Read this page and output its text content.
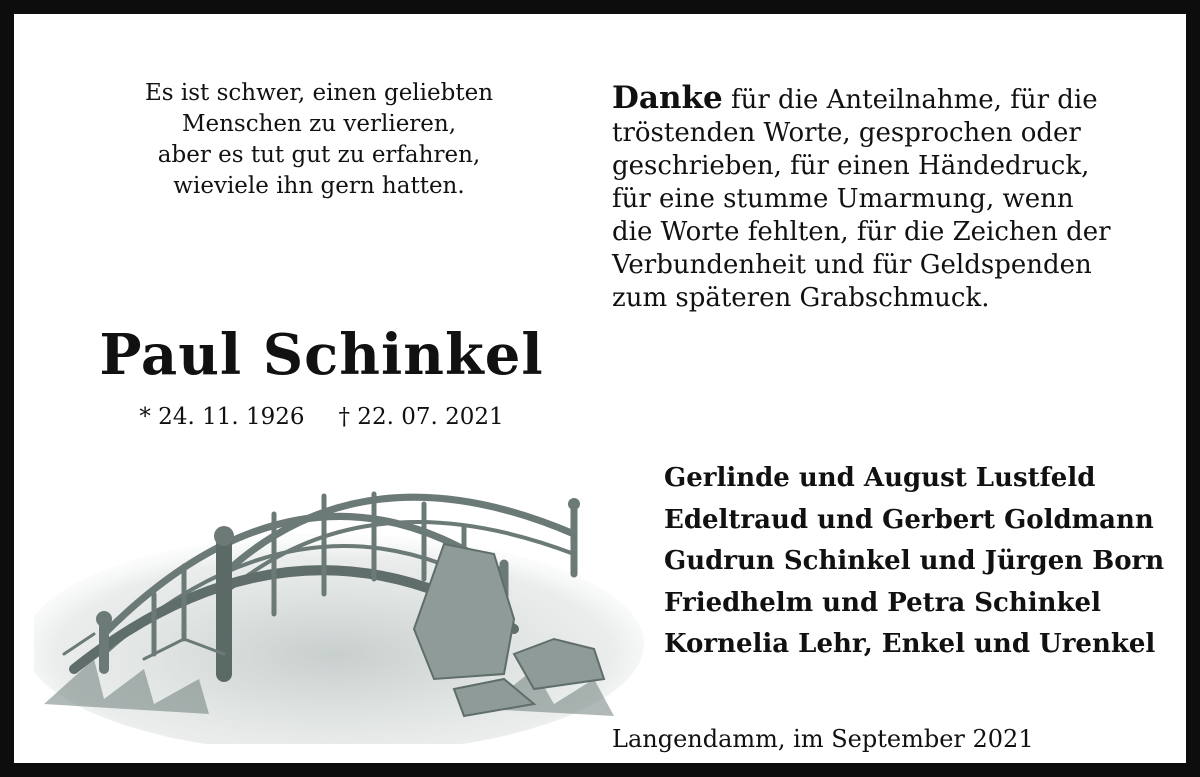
Es ist schwer, einen geliebten
Menschen zu verlieren,
aber es tut gut zu erfahren,
wieviele ihn gern hatten.
Danke für die Anteilnahme, für die
tröstenden Worte, gesprochen oder
geschrieben, für einen Händedruck,
für eine stumme Umarmung, wenn
die Worte fehlten, für die Zeichen der
Verbundenheit und für Geldspenden
zum späteren Grabschmuck.
Paul Schinkel
* 24. 11. 1926 † 22. 07. 2021
Gerlinde und August Lustfeld
Edeltraud und Gerbert Goldmann
Gudrun Schinkel und Jürgen Born
Friedhelm und Petra Schinkel
Kornelia Lehr, Enkel und Urenkel
Langendamm, im September 2021
